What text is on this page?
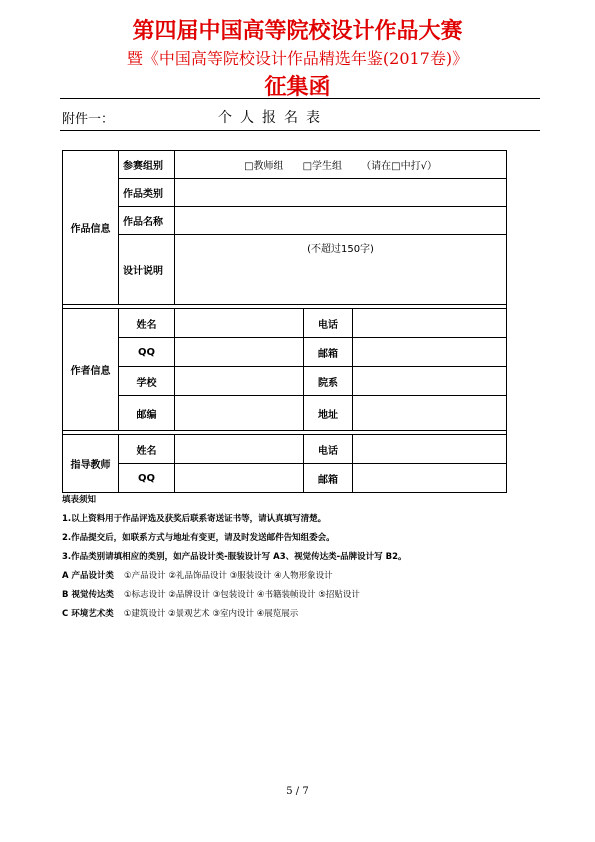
第四届中国高等院校设计作品大赛
暨《中国高等院校设计作品精选年鉴(2017卷)》
征集函
附件一：	个人报名表
作品信息	参赛组别	□教师组      □学生组      （请在□中打√）		
	作品类别			
	作品名称			
	设计说明	(不超过150字)		

作者信息	姓名		电话	
	QQ		邮箱	
	学校		院系	
	邮编		地址	

指导教师	姓名		电话	
	QQ		邮箱	
填表须知
1.以上资料用于作品评选及获奖后联系寄送证书等，请认真填写清楚。
2.作品提交后，如联系方式与地址有变更，请及时发送邮件告知组委会。
3.作品类别请填相应的类别，如产品设计类-服装设计写 A3、视觉传达类-品牌设计写 B2。
A 产品设计类 ①产品设计 ②礼品饰品设计 ③服装设计 ④人物形象设计
B 视觉传达类 ①标志设计 ②品牌设计 ③包装设计 ④书籍装帧设计 ⑤招贴设计
C 环境艺术类 ①建筑设计 ②景观艺术 ③室内设计 ④展览展示
5 / 7
